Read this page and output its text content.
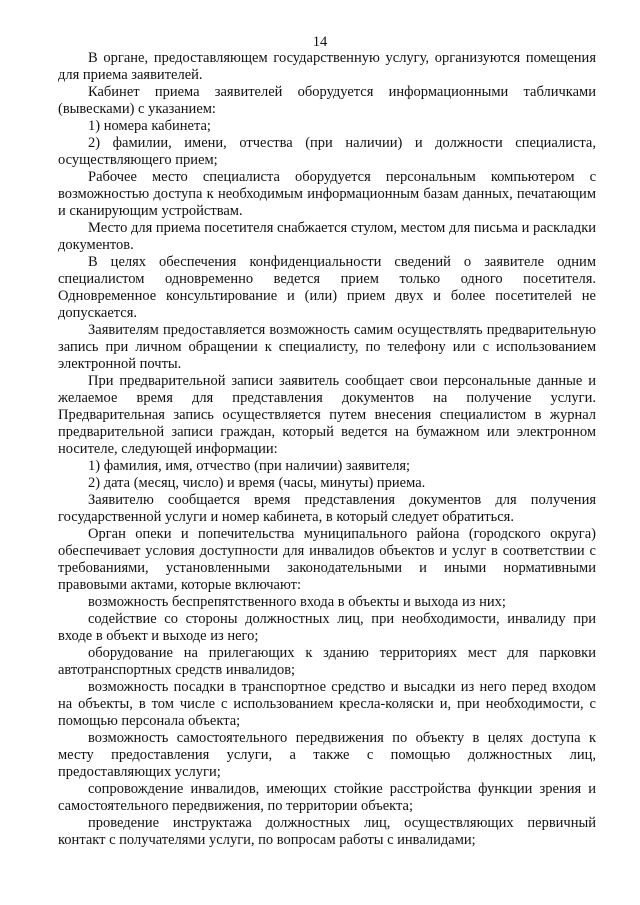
14

В органе, предоставляющем государственную услугу, организуются помещения для приема заявителей.

Кабинет приема заявителей оборудуется информационными табличками (вывесками) с указанием:

1) номера кабинета;

2) фамилии, имени, отчества (при наличии) и должности специалиста, осуществляющего прием;

Рабочее место специалиста оборудуется персональным компьютером с возможностью доступа к необходимым информационным базам данных, печатающим и сканирующим устройствам.

Место для приема посетителя снабжается стулом, местом для письма и раскладки документов.

В целях обеспечения конфиденциальности сведений о заявителе одним специалистом одновременно ведется прием только одного посетителя. Одновременное консультирование и (или) прием двух и более посетителей не допускается.

Заявителям предоставляется возможность самим осуществлять предварительную запись при личном обращении к специалисту, по телефону или с использованием электронной почты.

При предварительной записи заявитель сообщает свои персональные данные и желаемое время для представления документов на получение услуги. Предварительная запись осуществляется путем внесения специалистом в журнал предварительной записи граждан, который ведется на бумажном или электронном носителе, следующей информации:

1) фамилия, имя, отчество (при наличии) заявителя;

2) дата (месяц, число) и время (часы, минуты) приема.

Заявителю сообщается время представления документов для получения государственной услуги и номер кабинета, в который следует обратиться.

Орган опеки и попечительства муниципального района (городского округа) обеспечивает условия доступности для инвалидов объектов и услуг в соответствии с требованиями, установленными законодательными и иными нормативными правовыми актами, которые включают:

возможность беспрепятственного входа в объекты и выхода из них;

содействие со стороны должностных лиц, при необходимости, инвалиду при входе в объект и выходе из него;

оборудование на прилегающих к зданию территориях мест для парковки автотранспортных средств инвалидов;

возможность посадки в транспортное средство и высадки из него перед входом на объекты, в том числе с использованием кресла-коляски и, при необходимости, с помощью персонала объекта;

возможность самостоятельного передвижения по объекту в целях доступа к месту предоставления услуги, а также с помощью должностных лиц, предоставляющих услуги;

сопровождение инвалидов, имеющих стойкие расстройства функции зрения и самостоятельного передвижения, по территории объекта;

проведение инструктажа должностных лиц, осуществляющих первичный контакт с получателями услуги, по вопросам работы с инвалидами;
